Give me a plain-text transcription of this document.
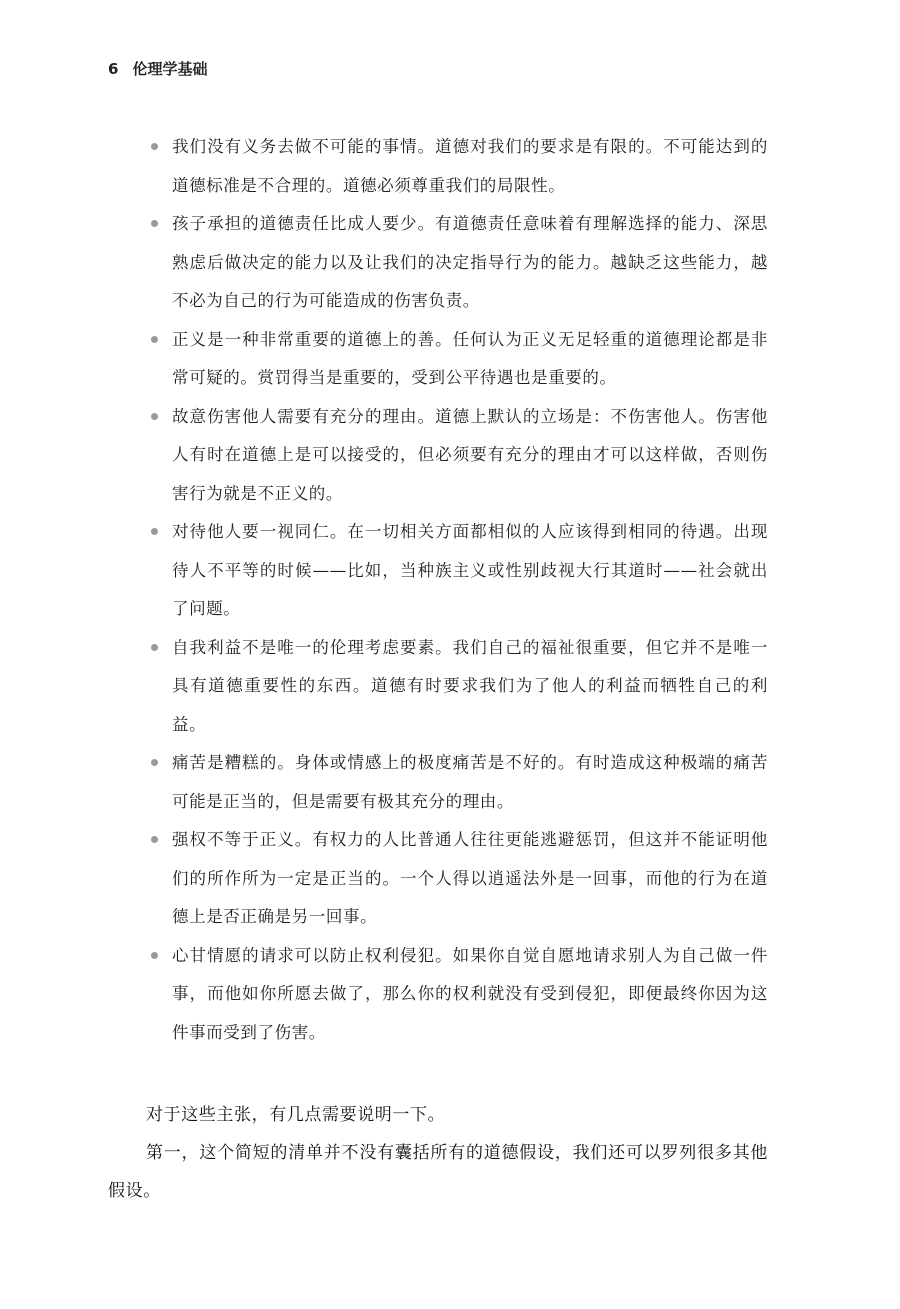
6 伦理学基础
我们没有义务去做不可能的事情。道德对我们的要求是有限的。不可能达到的道德标准是不合理的。道德必须尊重我们的局限性。
孩子承担的道德责任比成人要少。有道德责任意味着有理解选择的能力、深思熟虑后做决定的能力以及让我们的决定指导行为的能力。越缺乏这些能力，越不必为自己的行为可能造成的伤害负责。
正义是一种非常重要的道德上的善。任何认为正义无足轻重的道德理论都是非常可疑的。赏罚得当是重要的，受到公平待遇也是重要的。
故意伤害他人需要有充分的理由。道德上默认的立场是：不伤害他人。伤害他人有时在道德上是可以接受的，但必须要有充分的理由才可以这样做，否则伤害行为就是不正义的。
对待他人要一视同仁。在一切相关方面都相似的人应该得到相同的待遇。出现待人不平等的时候——比如，当种族主义或性别歧视大行其道时——社会就出了问题。
自我利益不是唯一的伦理考虑要素。我们自己的福祉很重要，但它并不是唯一具有道德重要性的东西。道德有时要求我们为了他人的利益而牺牲自己的利益。
痛苦是糟糕的。身体或情感上的极度痛苦是不好的。有时造成这种极端的痛苦可能是正当的，但是需要有极其充分的理由。
强权不等于正义。有权力的人比普通人往往更能逃避惩罚，但这并不能证明他们的所作所为一定是正当的。一个人得以逍遥法外是一回事，而他的行为在道德上是否正确是另一回事。
心甘情愿的请求可以防止权利侵犯。如果你自觉自愿地请求别人为自己做一件事，而他如你所愿去做了，那么你的权利就没有受到侵犯，即便最终你因为这件事而受到了伤害。

对于这些主张，有几点需要说明一下。

第一，这个简短的清单并不没有囊括所有的道德假设，我们还可以罗列很多其他假设。
